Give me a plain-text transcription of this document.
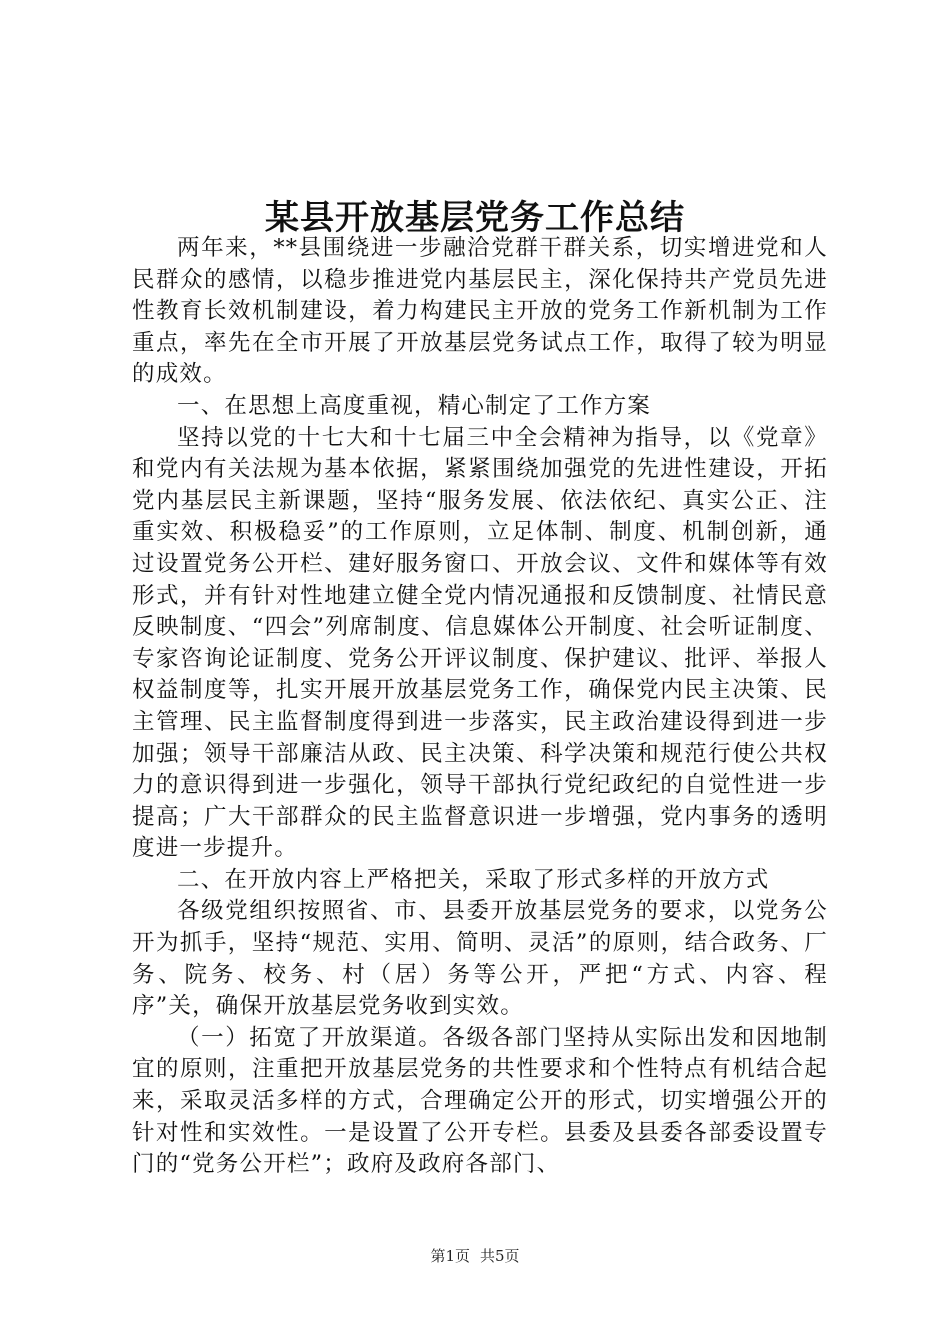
某县开放基层党务工作总结

两年来，**县围绕进一步融洽党群干群关系，切实增进党和人民群众的感情，以稳步推进党内基层民主，深化保持共产党员先进性教育长效机制建设，着力构建民主开放的党务工作新机制为工作重点，率先在全市开展了开放基层党务试点工作，取得了较为明显的成效。

一、在思想上高度重视，精心制定了工作方案

坚持以党的十七大和十七届三中全会精神为指导，以《党章》和党内有关法规为基本依据，紧紧围绕加强党的先进性建设，开拓党内基层民主新课题，坚持“服务发展、依法依纪、真实公正、注重实效、积极稳妥”的工作原则，立足体制、制度、机制创新，通过设置党务公开栏、建好服务窗口、开放会议、文件和媒体等有效形式，并有针对性地建立健全党内情况通报和反馈制度、社情民意反映制度、“四会”列席制度、信息媒体公开制度、社会听证制度、专家咨询论证制度、党务公开评议制度、保护建议、批评、举报人权益制度等，扎实开展开放基层党务工作，确保党内民主决策、民主管理、民主监督制度得到进一步落实，民主政治建设得到进一步加强；领导干部廉洁从政、民主决策、科学决策和规范行使公共权力的意识得到进一步强化，领导干部执行党纪政纪的自觉性进一步提高；广大干部群众的民主监督意识进一步增强，党内事务的透明度进一步提升。

二、在开放内容上严格把关，采取了形式多样的开放方式

各级党组织按照省、市、县委开放基层党务的要求，以党务公开为抓手，坚持“规范、实用、简明、灵活”的原则，结合政务、厂务、院务、校务、村（居）务等公开，严把“方式、内容、程序”关，确保开放基层党务收到实效。

（一）拓宽了开放渠道。各级各部门坚持从实际出发和因地制宜的原则，注重把开放基层党务的共性要求和个性特点有机结合起来，采取灵活多样的方式，合理确定公开的形式，切实增强公开的针对性和实效性。一是设置了公开专栏。县委及县委各部委设置专门的“党务公开栏”；政府及政府各部门、

第1页 共5页
